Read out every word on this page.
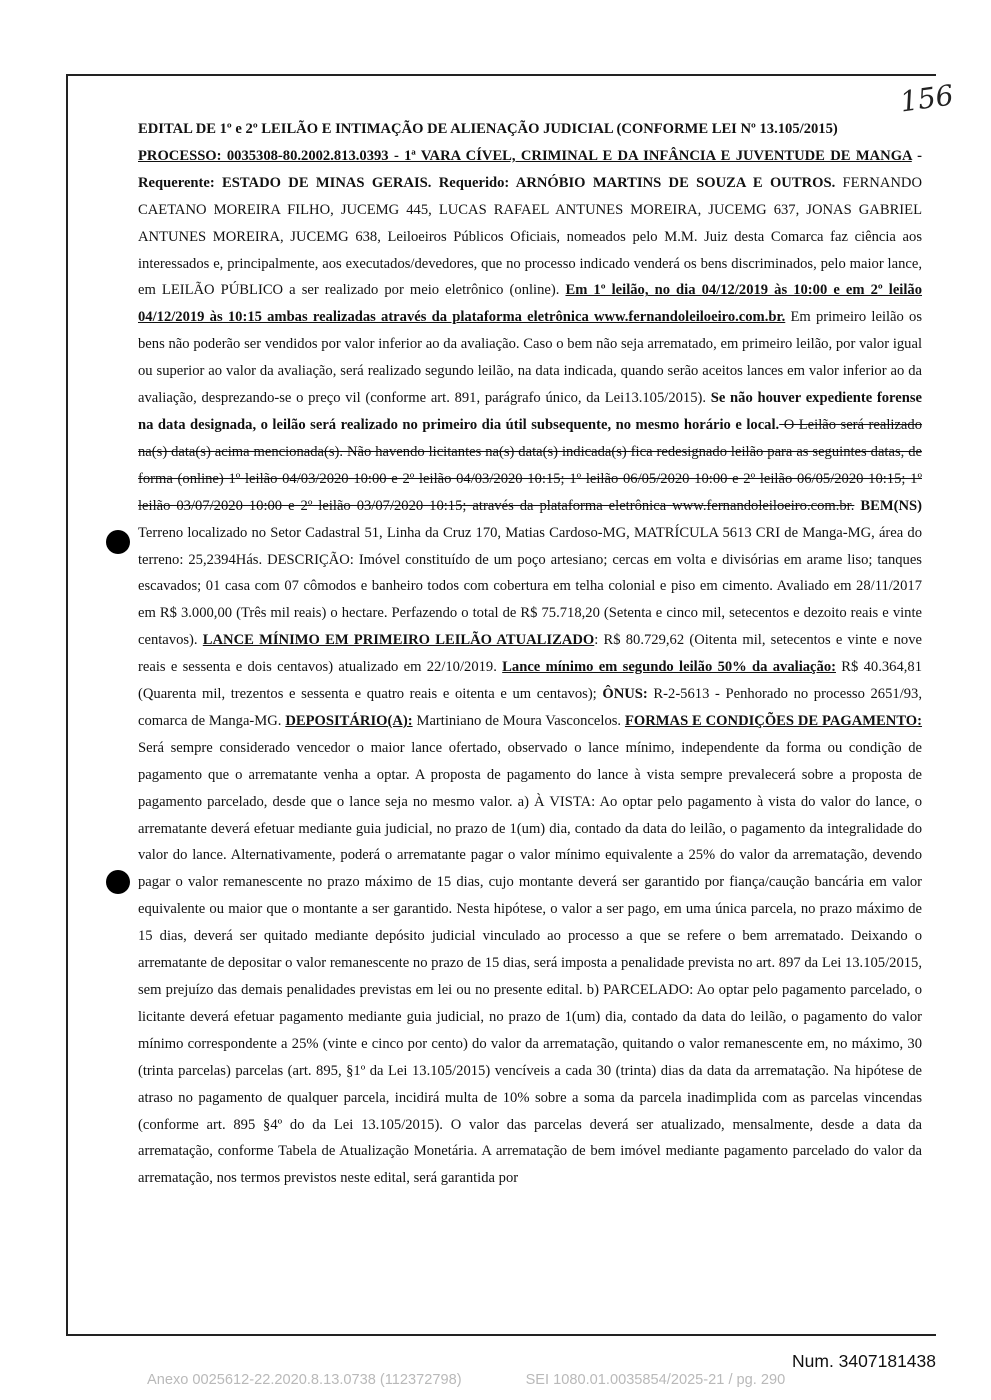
156
EDITAL DE 1º e 2º LEILÃO E INTIMAÇÃO DE ALIENAÇÃO JUDICIAL (CONFORME LEI Nº 13.105/2015)
PROCESSO: 0035308-80.2002.813.0393 - 1ª VARA CÍVEL, CRIMINAL E DA INFÂNCIA E JUVENTUDE DE MANGA - Requerente: ESTADO DE MINAS GERAIS. Requerido: ARNÓBIO MARTINS DE SOUZA E OUTROS. FERNANDO CAETANO MOREIRA FILHO, JUCEMG 445, LUCAS RAFAEL ANTUNES MOREIRA, JUCEMG 637, JONAS GABRIEL ANTUNES MOREIRA, JUCEMG 638, Leiloeiros Públicos Oficiais, nomeados pelo M.M. Juiz desta Comarca faz ciência aos interessados e, principalmente, aos executados/devedores, que no processo indicado venderá os bens discriminados, pelo maior lance, em LEILÃO PÚBLICO a ser realizado por meio eletrônico (online). Em 1º leilão, no dia 04/12/2019 às 10:00 e em 2º leilão 04/12/2019 às 10:15 ambas realizadas através da plataforma eletrônica www.fernandoleiloeiro.com.br. Em primeiro leilão os bens não poderão ser vendidos por valor inferior ao da avaliação. Caso o bem não seja arrematado, em primeiro leilão, por valor igual ou superior ao valor da avaliação, será realizado segundo leilão, na data indicada, quando serão aceitos lances em valor inferior ao da avaliação, desprezando-se o preço vil (conforme art. 891, parágrafo único, da Lei13.105/2015). Se não houver expediente forense na data designada, o leilão será realizado no primeiro dia útil subsequente, no mesmo horário e local. O Leilão será realizado na(s) data(s) acima mencionada(s). Não havendo licitantes na(s) data(s) indicada(s) fica redesignado leilão para as seguintes datas, de forma (online) 1º leilão 04/03/2020 10:00 e 2º leilão 04/03/2020 10:15; 1º leilão 06/05/2020 10:00 e 2º leilão 06/05/2020 10:15; 1º leilão 03/07/2020 10:00 e 2º leilão 03/07/2020 10:15; através da plataforma eletrônica www.fernandoleiloeiro.com.br. BEM(NS) Terreno localizado no Setor Cadastral 51, Linha da Cruz 170, Matias Cardoso-MG, MATRÍCULA 5613 CRI de Manga-MG, área do terreno: 25,2394Hás. DESCRIÇÃO: Imóvel constituído de um poço artesiano; cercas em volta e divisórias em arame liso; tanques escavados; 01 casa com 07 cômodos e banheiro todos com cobertura em telha colonial e piso em cimento. Avaliado em 28/11/2017 em R$ 3.000,00 (Três mil reais) o hectare. Perfazendo o total de R$ 75.718,20 (Setenta e cinco mil, setecentos e dezoito reais e vinte centavos). LANCE MÍNIMO EM PRIMEIRO LEILÃO ATUALIZADO: R$ 80.729,62 (Oitenta mil, setecentos e vinte e nove reais e sessenta e dois centavos) atualizado em 22/10/2019. Lance mínimo em segundo leilão 50% da avaliação: R$ 40.364,81 (Quarenta mil, trezentos e sessenta e quatro reais e oitenta e um centavos); ÔNUS: R-2-5613 - Penhorado no processo 2651/93, comarca de Manga-MG. DEPOSITÁRIO(A): Martiniano de Moura Vasconcelos. FORMAS E CONDIÇÕES DE PAGAMENTO: Será sempre considerado vencedor o maior lance ofertado, observado o lance mínimo, independente da forma ou condição de pagamento que o arrematante venha a optar. A proposta de pagamento do lance à vista sempre prevalecerá sobre a proposta de pagamento parcelado, desde que o lance seja no mesmo valor. a) À VISTA: Ao optar pelo pagamento à vista do valor do lance, o arrematante deverá efetuar mediante guia judicial, no prazo de 1(um) dia, contado da data do leilão, o pagamento da integralidade do valor do lance. Alternativamente, poderá o arrematante pagar o valor mínimo equivalente a 25% do valor da arrematação, devendo pagar o valor remanescente no prazo máximo de 15 dias, cujo montante deverá ser garantido por fiança/caução bancária em valor equivalente ou maior que o montante a ser garantido. Nesta hipótese, o valor a ser pago, em uma única parcela, no prazo máximo de 15 dias, deverá ser quitado mediante depósito judicial vinculado ao processo a que se refere o bem arrematado. Deixando o arrematante de depositar o valor remanescente no prazo de 15 dias, será imposta a penalidade prevista no art. 897 da Lei 13.105/2015, sem prejuízo das demais penalidades previstas em lei ou no presente edital. b) PARCELADO: Ao optar pelo pagamento parcelado, o licitante deverá efetuar pagamento mediante guia judicial, no prazo de 1(um) dia, contado da data do leilão, o pagamento do valor mínimo correspondente a 25% (vinte e cinco por cento) do valor da arrematação, quitando o valor remanescente em, no máximo, 30 (trinta parcelas) parcelas (art. 895, §1º da Lei 13.105/2015) vencíveis a cada 30 (trinta) dias da data da arrematação. Na hipótese de atraso no pagamento de qualquer parcela, incidirá multa de 10% sobre a soma da parcela inadimplida com as parcelas vincendas (conforme art. 895 §4º do da Lei 13.105/2015). O valor das parcelas deverá ser atualizado, mensalmente, desde a data da arrematação, conforme Tabela de Atualização Monetária. A arrematação de bem imóvel mediante pagamento parcelado do valor da arrematação, nos termos previstos neste edital, será garantida por
Num. 3407181438
Anexo 0025612-22.2020.8.13.0738 (112372798)	SEI 1080.01.0035854/2025-21 / pg. 290
